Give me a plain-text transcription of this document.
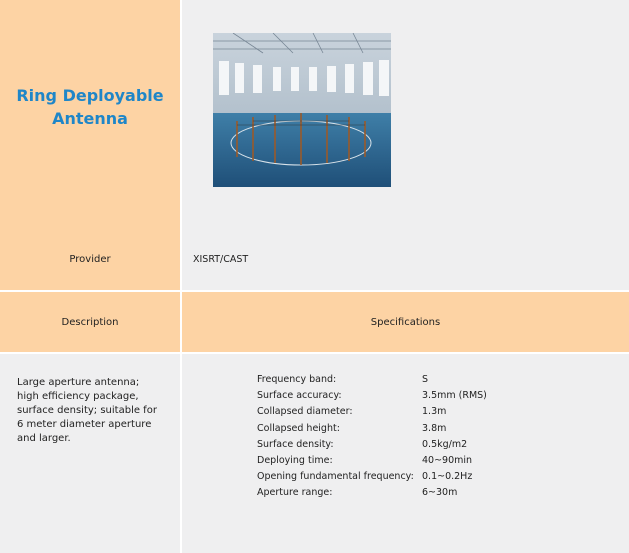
Ring Deployable Antenna
Provider	XISRT/CAST
Description	Specifications
Large aperture antenna; high efficiency package, surface density; suitable for 6 meter diameter aperture and larger.
Frequency band:	S
Surface accuracy:	3.5mm (RMS)
Collapsed diameter:	1.3m
Collapsed height:	3.8m
Surface density:	0.5kg/m2
Deploying time:	40~90min
Opening fundamental frequency: 0.1~0.2Hz
Aperture range:	6~30m
